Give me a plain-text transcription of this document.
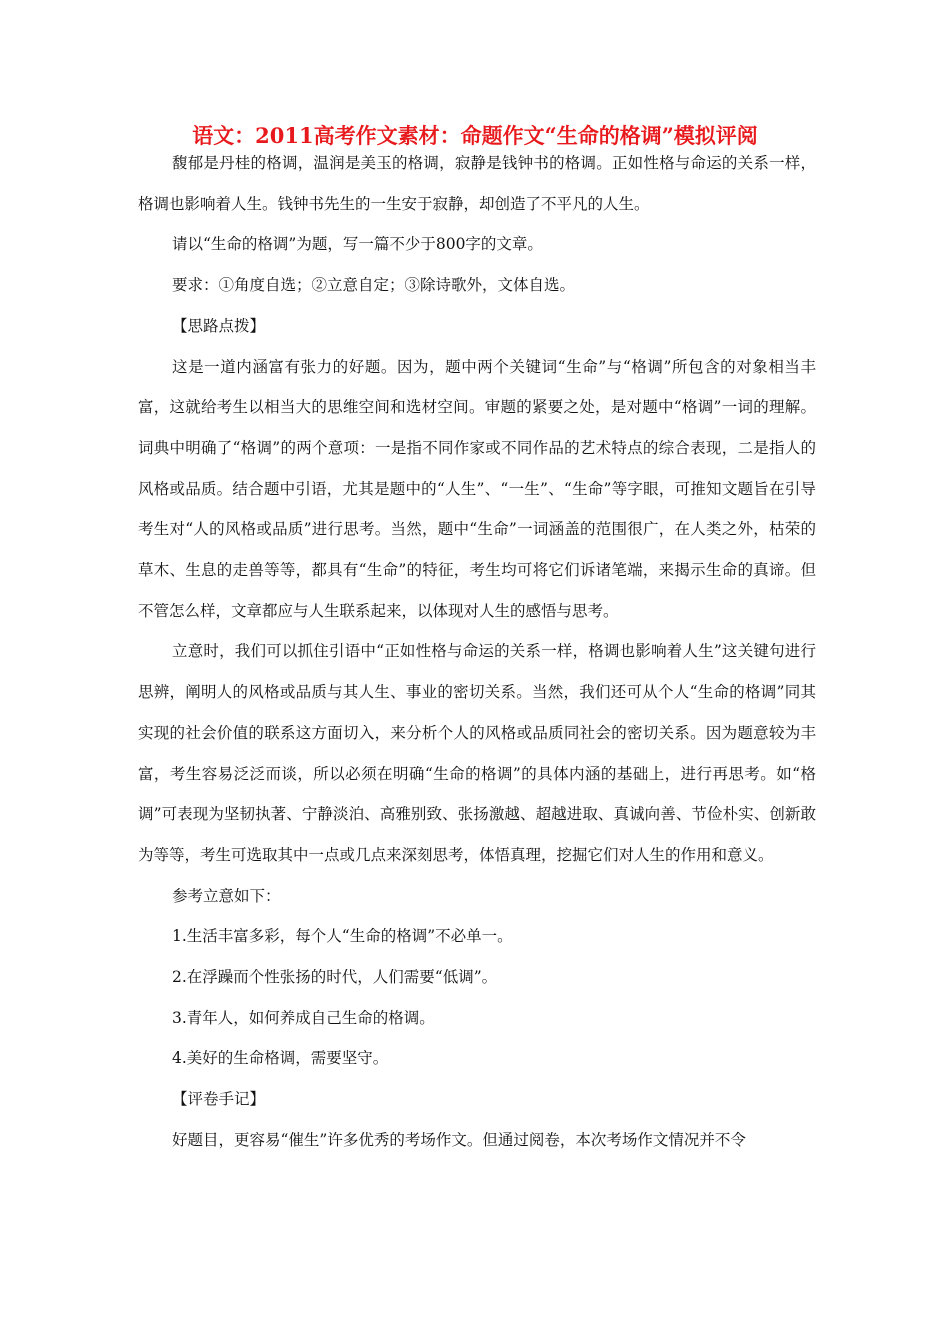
语文：2011高考作文素材：命题作文“生命的格调”模拟评阅

馥郁是丹桂的格调，温润是美玉的格调，寂静是钱钟书的格调。正如性格与命运的关系一样，格调也影响着人生。钱钟书先生的一生安于寂静，却创造了不平凡的人生。

请以“生命的格调”为题，写一篇不少于800字的文章。

要求：①角度自选；②立意自定；③除诗歌外，文体自选。

【思路点拨】

这是一道内涵富有张力的好题。因为，题中两个关键词“生命”与“格调”所包含的对象相当丰富，这就给考生以相当大的思维空间和选材空间。审题的紧要之处，是对题中“格调”一词的理解。词典中明确了“格调”的两个意项：一是指不同作家或不同作品的艺术特点的综合表现，二是指人的风格或品质。结合题中引语，尤其是题中的“人生”、“一生”、“生命”等字眼，可推知文题旨在引导考生对“人的风格或品质”进行思考。当然，题中“生命”一词涵盖的范围很广，在人类之外，枯荣的草木、生息的走兽等等，都具有“生命”的特征，考生均可将它们诉诸笔端，来揭示生命的真谛。但不管怎么样，文章都应与人生联系起来，以体现对人生的感悟与思考。

立意时，我们可以抓住引语中“正如性格与命运的关系一样，格调也影响着人生”这关键句进行思辨，阐明人的风格或品质与其人生、事业的密切关系。当然，我们还可从个人“生命的格调”同其实现的社会价值的联系这方面切入，来分析个人的风格或品质同社会的密切关系。因为题意较为丰富，考生容易泛泛而谈，所以必须在明确“生命的格调”的具体内涵的基础上，进行再思考。如“格调”可表现为坚韧执著、宁静淡泊、高雅别致、张扬激越、超越进取、真诚向善、节俭朴实、创新敢为等等，考生可选取其中一点或几点来深刻思考，体悟真理，挖掘它们对人生的作用和意义。

参考立意如下：

1.生活丰富多彩，每个人“生命的格调”不必单一。

2.在浮躁而个性张扬的时代，人们需要“低调”。

3.青年人，如何养成自己生命的格调。

4.美好的生命格调，需要坚守。

【评卷手记】

好题目，更容易“催生”许多优秀的考场作文。但通过阅卷，本次考场作文情况并不令
